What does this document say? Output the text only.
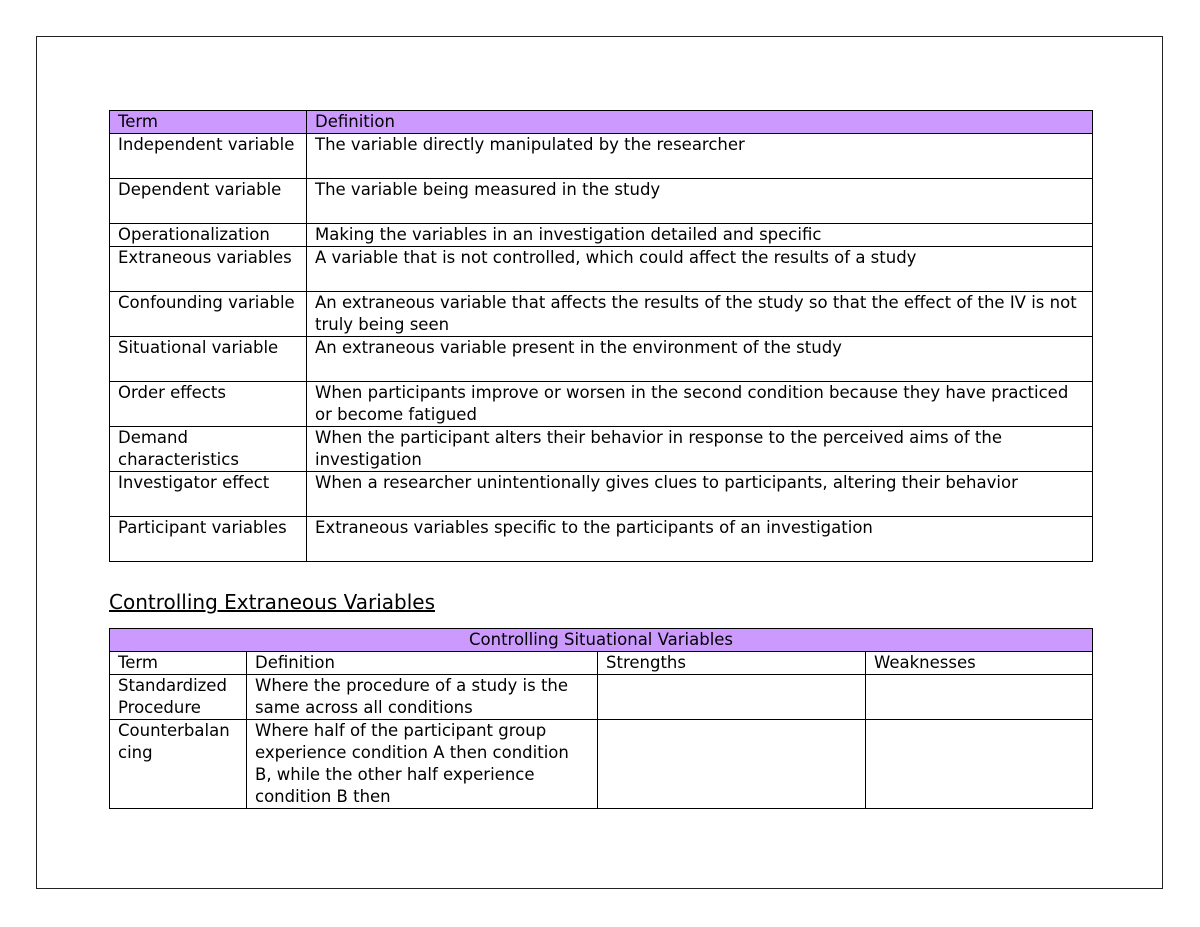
Term	Definition
Independent variable	The variable directly manipulated by the researcher
Dependent variable	The variable being measured in the study
Operationalization	Making the variables in an investigation detailed and specific
Extraneous variables	A variable that is not controlled, which could affect the results of a study
Confounding variable	An extraneous variable that affects the results of the study so that the effect of the IV is not truly being seen
Situational variable	An extraneous variable present in the environment of the study
Order effects	When participants improve or worsen in the second condition because they have practiced or become fatigued
Demand characteristics	When the participant alters their behavior in response to the perceived aims of the investigation
Investigator effect	When a researcher unintentionally gives clues to participants, altering their behavior
Participant variables	Extraneous variables specific to the participants of an investigation
Controlling Extraneous Variables
Controlling Situational Variables			
Term	Definition	Strengths	Weaknesses
Standardized Procedure	Where the procedure of a study is the same across all conditions		
Counterbalancing	Where half of the participant group experience condition A then condition B, while the other half experience condition B then		
